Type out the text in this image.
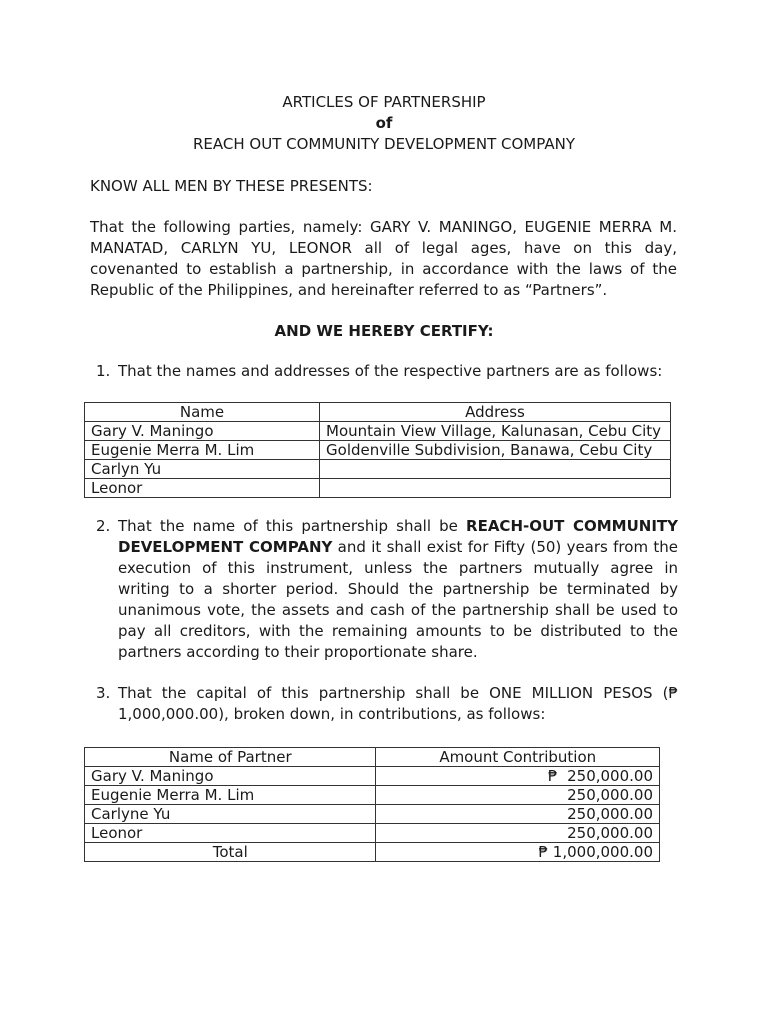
ARTICLES OF PARTNERSHIP
of
REACH OUT COMMUNITY DEVELOPMENT COMPANY
KNOW ALL MEN BY THESE PRESENTS:
That the following parties, namely: GARY V. MANINGO, EUGENIE MERRA M.
MANATAD, CARLYN YU, LEONOR all of legal ages, have on this day,
covenanted to establish a partnership, in accordance with the laws of the
Republic of the Philippines, and hereinafter referred to as “Partners”.
AND WE HEREBY CERTIFY:
1. That the names and addresses of the respective partners are as follows:
Name	Address
Gary V. Maningo	Mountain View Village, Kalunasan, Cebu City
Eugenie Merra M. Lim	Goldenville Subdivision, Banawa, Cebu City
Carlyn Yu	
Leonor	
2. That the name of this partnership shall be REACH-OUT COMMUNITY
DEVELOPMENT COMPANY and it shall exist for Fifty (50) years from the
execution of this instrument, unless the partners mutually agree in
writing to a shorter period. Should the partnership be terminated by
unanimous vote, the assets and cash of the partnership shall be used to
pay all creditors, with the remaining amounts to be distributed to the
partners according to their proportionate share.
3. That the capital of this partnership shall be ONE MILLION PESOS (₱
1,000,000.00), broken down, in contributions, as follows:
Name of Partner	Amount Contribution
Gary V. Maningo	₱  250,000.00
Eugenie Merra M. Lim	250,000.00
Carlyne Yu	250,000.00
Leonor	250,000.00
Total	₱ 1,000,000.00
